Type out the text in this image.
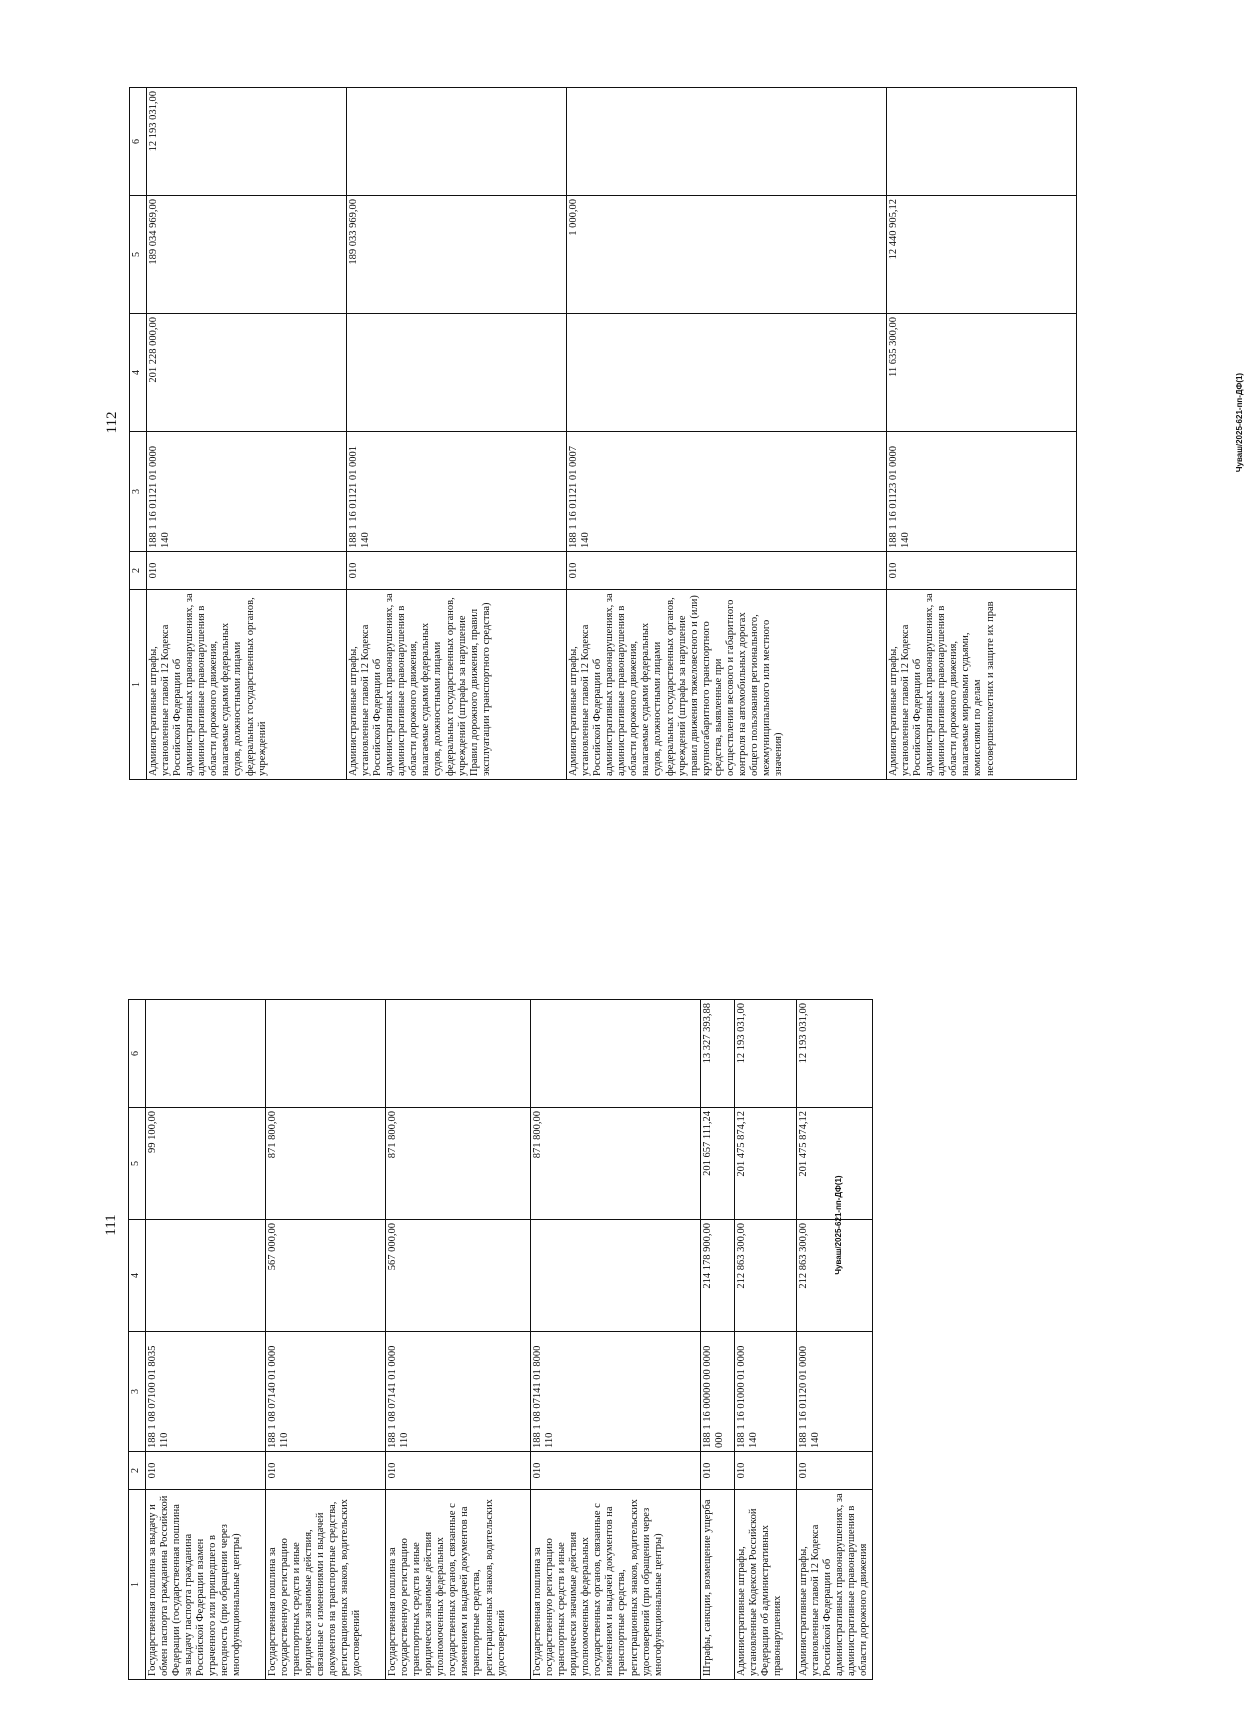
111
1	2	3	4	5	6
Государственная пошлина за выдачу и обмен паспорта гражданина Российской Федерации (государственная пошлина за выдачу паспорта гражданина Российской Федерации взамен утраченного или пришедшего в негодность (при обращении через многофункциональные центры)	010	188 1 08 07100 01 8035 110		99 100,00	
Государственная пошлина за государственную регистрацию транспортных средств и иные юридически значимые действия, связанные с изменениями и выдачей документов на транспортные средства, регистрационных знаков, водительских удостоверений	010	188 1 08 07140 01 0000 110	567 000,00	871 800,00	
Государственная пошлина за государственную регистрацию транспортных средств и иные юридически значимые действия уполномоченных федеральных государственных органов, связанные с изменением и выдачей документов на транспортные средства, регистрационных знаков, водительских удостоверений	010	188 1 08 07141 01 0000 110	567 000,00	871 800,00	
Государственная пошлина за государственную регистрацию транспортных средств и иные юридически значимые действия уполномоченных федеральных государственных органов, связанные с изменением и выдачей документов на транспортные средства, регистрационных знаков, водительских удостоверений (при обращении через многофункциональные центры)	010	188 1 08 07141 01 8000 110		871 800,00	
Штрафы, санкции, возмещение ущерба	010	188 1 16 00000 00 0000 000	214 178 900,00	201 657 111,24	13 327 393,88
Административные штрафы, установленные Кодексом Российской Федерации об административных правонарушениях	010	188 1 16 01000 01 0000 140	212 863 300,00	201 475 874,12	12 193 031,00
Административные штрафы, установленные главой 12 Кодекса Российской Федерации об административных правонарушениях, за административные правонарушения в области дорожного движения	010	188 1 16 01120 01 0000 140	212 863 300,00	201 475 874,12	12 193 031,00
Чуваш/2025-621-пп-ДФ(1)
112
1	2	3	4	5	6
Административные штрафы, установленные главой 12 Кодекса Российской Федерации об административных правонарушениях, за административные правонарушения в области дорожного движения, налагаемые судьями федеральных судов, должностными лицами федеральных государственных органов, учреждений	010	188 1 16 01121 01 0000 140	201 228 000,00	189 034 969,00	12 193 031,00
Административные штрафы, установленные главой 12 Кодекса Российской Федерации об административных правонарушениях, за административные правонарушения в области дорожного движения, налагаемые судьями федеральных судов, должностными лицами федеральных государственных органов, учреждений (штрафы за нарушение Правил дорожного движения, правил эксплуатации транспортного средства)	010	188 1 16 01121 01 0001 140		189 033 969,00	
Административные штрафы, установленные главой 12 Кодекса Российской Федерации об административных правонарушениях, за административные правонарушения в области дорожного движения, налагаемые судьями федеральных судов, должностными лицами федеральных государственных органов, учреждений (штрафы за нарушение правил движения тяжеловесного и (или) крупногабаритного транспортного средства, выявленные при осуществлении весового и габаритного контроля на автомобильных дорогах общего пользования регионального, межмуниципального или местного значения)	010	188 1 16 01121 01 0007 140		1 000,00	
Административные штрафы, установленные главой 12 Кодекса Российской Федерации об административных правонарушениях, за административные правонарушения в области дорожного движения, налагаемые мировыми судьями, комиссиями по делам несовершеннолетних и защите их прав	010	188 1 16 01123 01 0000 140	11 635 300,00	12 440 905,12	
Чуваш/2025-621-пп-ДФ(1)
